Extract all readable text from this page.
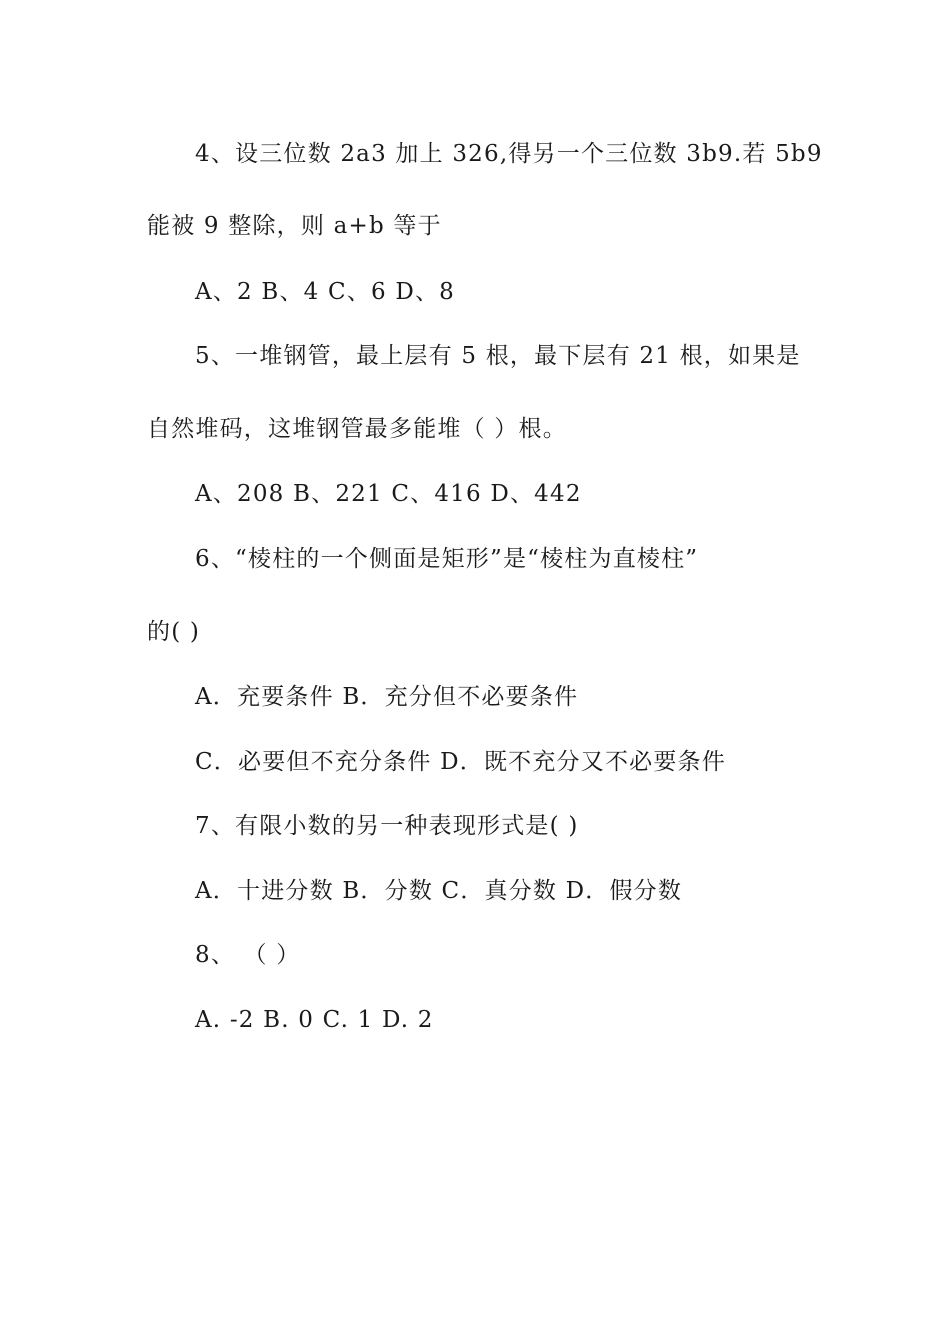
4、设三位数 2a3 加上 326,得另一个三位数 3b9.若 5b9
能被 9 整除，则 a+b 等于
A、2 B、4 C、6 D、8
5、一堆钢管，最上层有 5 根，最下层有 21 根，如果是
自然堆码，这堆钢管最多能堆（ ）根。
A、208 B、221 C、416 D、442
6、“棱柱的一个侧面是矩形”是“棱柱为直棱柱”
的( )
A．充要条件 B．充分但不必要条件
C．必要但不充分条件 D．既不充分又不必要条件
7、有限小数的另一种表现形式是( )
A．十进分数 B．分数 C．真分数 D．假分数
8、 （ ）
A. -2 B. 0 C. 1 D. 2
